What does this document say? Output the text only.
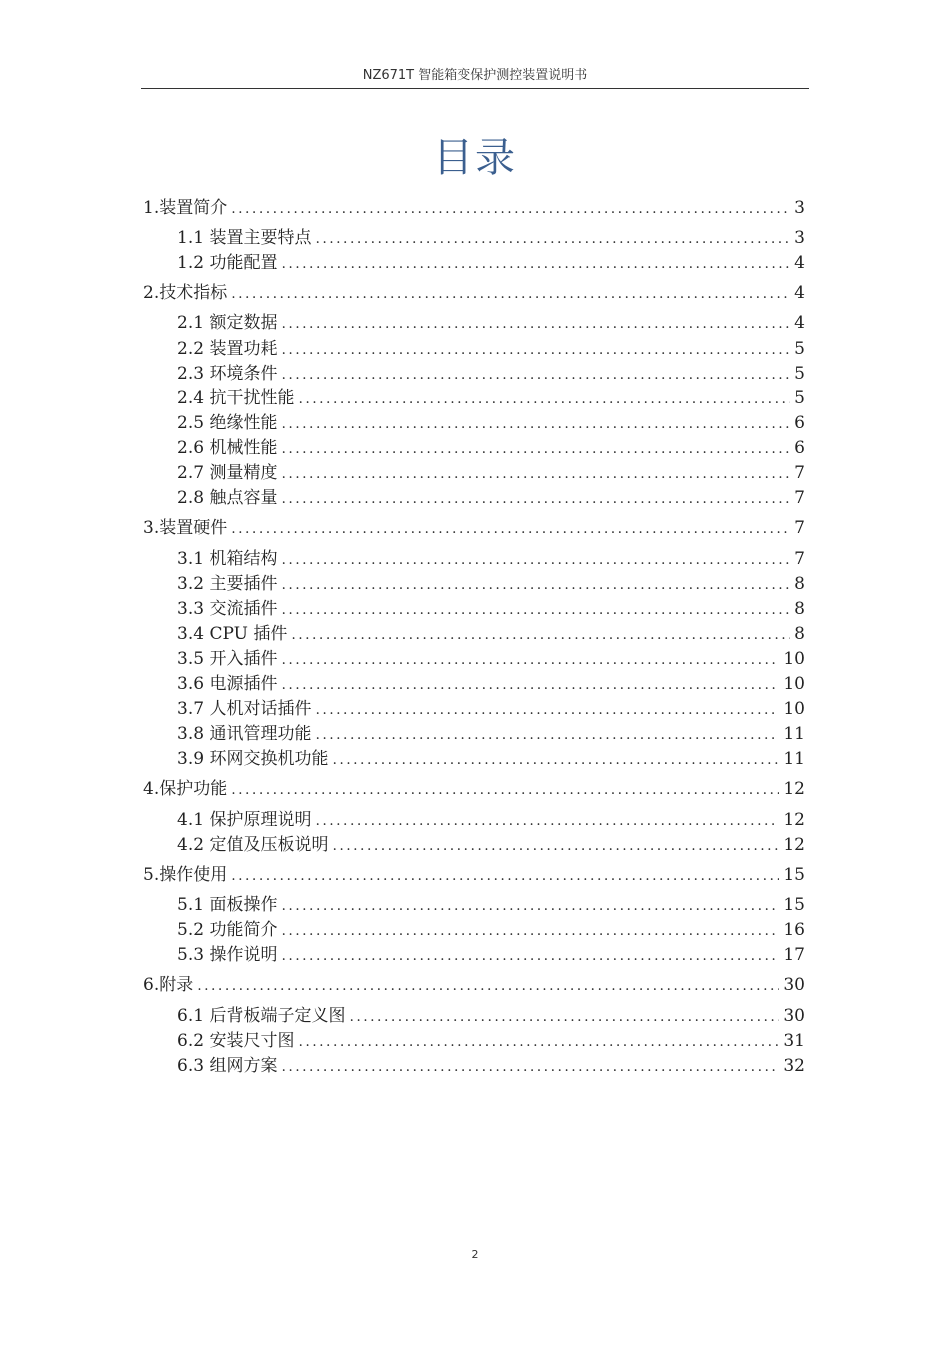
NZ671T 智能箱变保护测控装置说明书
目录
1.装置简介 . . .	3
1.1 装置主要特点 . . .	3
1.2 功能配置 . . .	4
2.技术指标 . . .	4
2.1 额定数据 . . .	4
2.2 装置功耗 . . .	5
2.3 环境条件 . . .	5
2.4 抗干扰性能 . . .	5
2.5 绝缘性能 . . .	6
2.6 机械性能 . . .	6
2.7 测量精度 . . .	7
2.8 触点容量 . . .	7
3.装置硬件 . . .	7
3.1 机箱结构 . . .	7
3.2 主要插件 . . .	8
3.3 交流插件 . . .	8
3.4 CPU 插件 . . .	8
3.5 开入插件 . . .	10
3.6 电源插件 . . .	10
3.7 人机对话插件 . . .	10
3.8 通讯管理功能 . . .	11
3.9 环网交换机功能 . . .	11
4.保护功能 . . .	12
4.1 保护原理说明 . . .	12
4.2 定值及压板说明 . . .	12
5.操作使用 . . .	15
5.1 面板操作 . . .	15
5.2 功能简介 . . .	16
5.3 操作说明 . . .	17
6.附录 . . .	30
6.1 后背板端子定义图 . . .	30
6.2 安装尺寸图 . . .	31
6.3 组网方案 . . .	32
2
